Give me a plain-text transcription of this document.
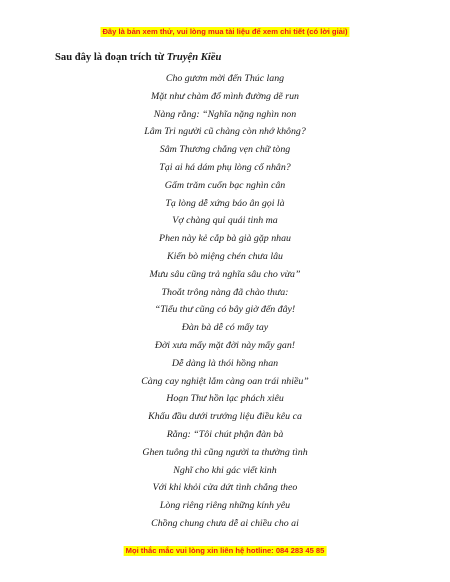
Đây là bản xem thử, vui lòng mua tài liệu để xem chi tiết (có lời giải)
Sau đây là đoạn trích từ Truyện Kiều
Cho gươm mời đến Thúc lang
Mặt như chàm đổ mình đường dẽ run
Nàng rằng: “Nghĩa nặng nghìn non
Lâm Tri người cũ chàng còn nhớ không?
Sâm Thương chẳng vẹn chữ tòng
Tại ai há dám phụ lòng cố nhân?
Gấm trăm cuốn bạc nghìn cân
Tạ lòng dễ xứng báo ân gọi là
Vợ chàng quỉ quái tinh ma
Phen này kẻ cắp bà già gặp nhau
Kiến bò miệng chén chưa lâu
Mưu sâu cũng trả nghĩa sâu cho vừa”
Thoắt trông nàng đã chào thưa:
“Tiểu thư cũng có bây giờ đến đây!
Đàn bà dễ có mấy tay
Đời xưa mấy mặt đời này mấy gan!
Dễ dàng là thói hồng nhan
Càng cay nghiệt lắm càng oan trái nhiều”
Hoạn Thư hồn lạc phách xiêu
Khấu đầu dưới trướng liệu điều kêu ca
Rằng: “Tôi chút phận đàn bà
Ghen tuông thì cũng người ta thường tình
Nghĩ cho khi gác viết kinh
Với khi khỏi cửa dứt tình chẳng theo
Lòng riêng riêng những kính yêu
Chồng chung chưa dễ ai chiều cho ai
Mọi thắc mắc vui lòng xin liên hệ hotline: 084 283 45 85
